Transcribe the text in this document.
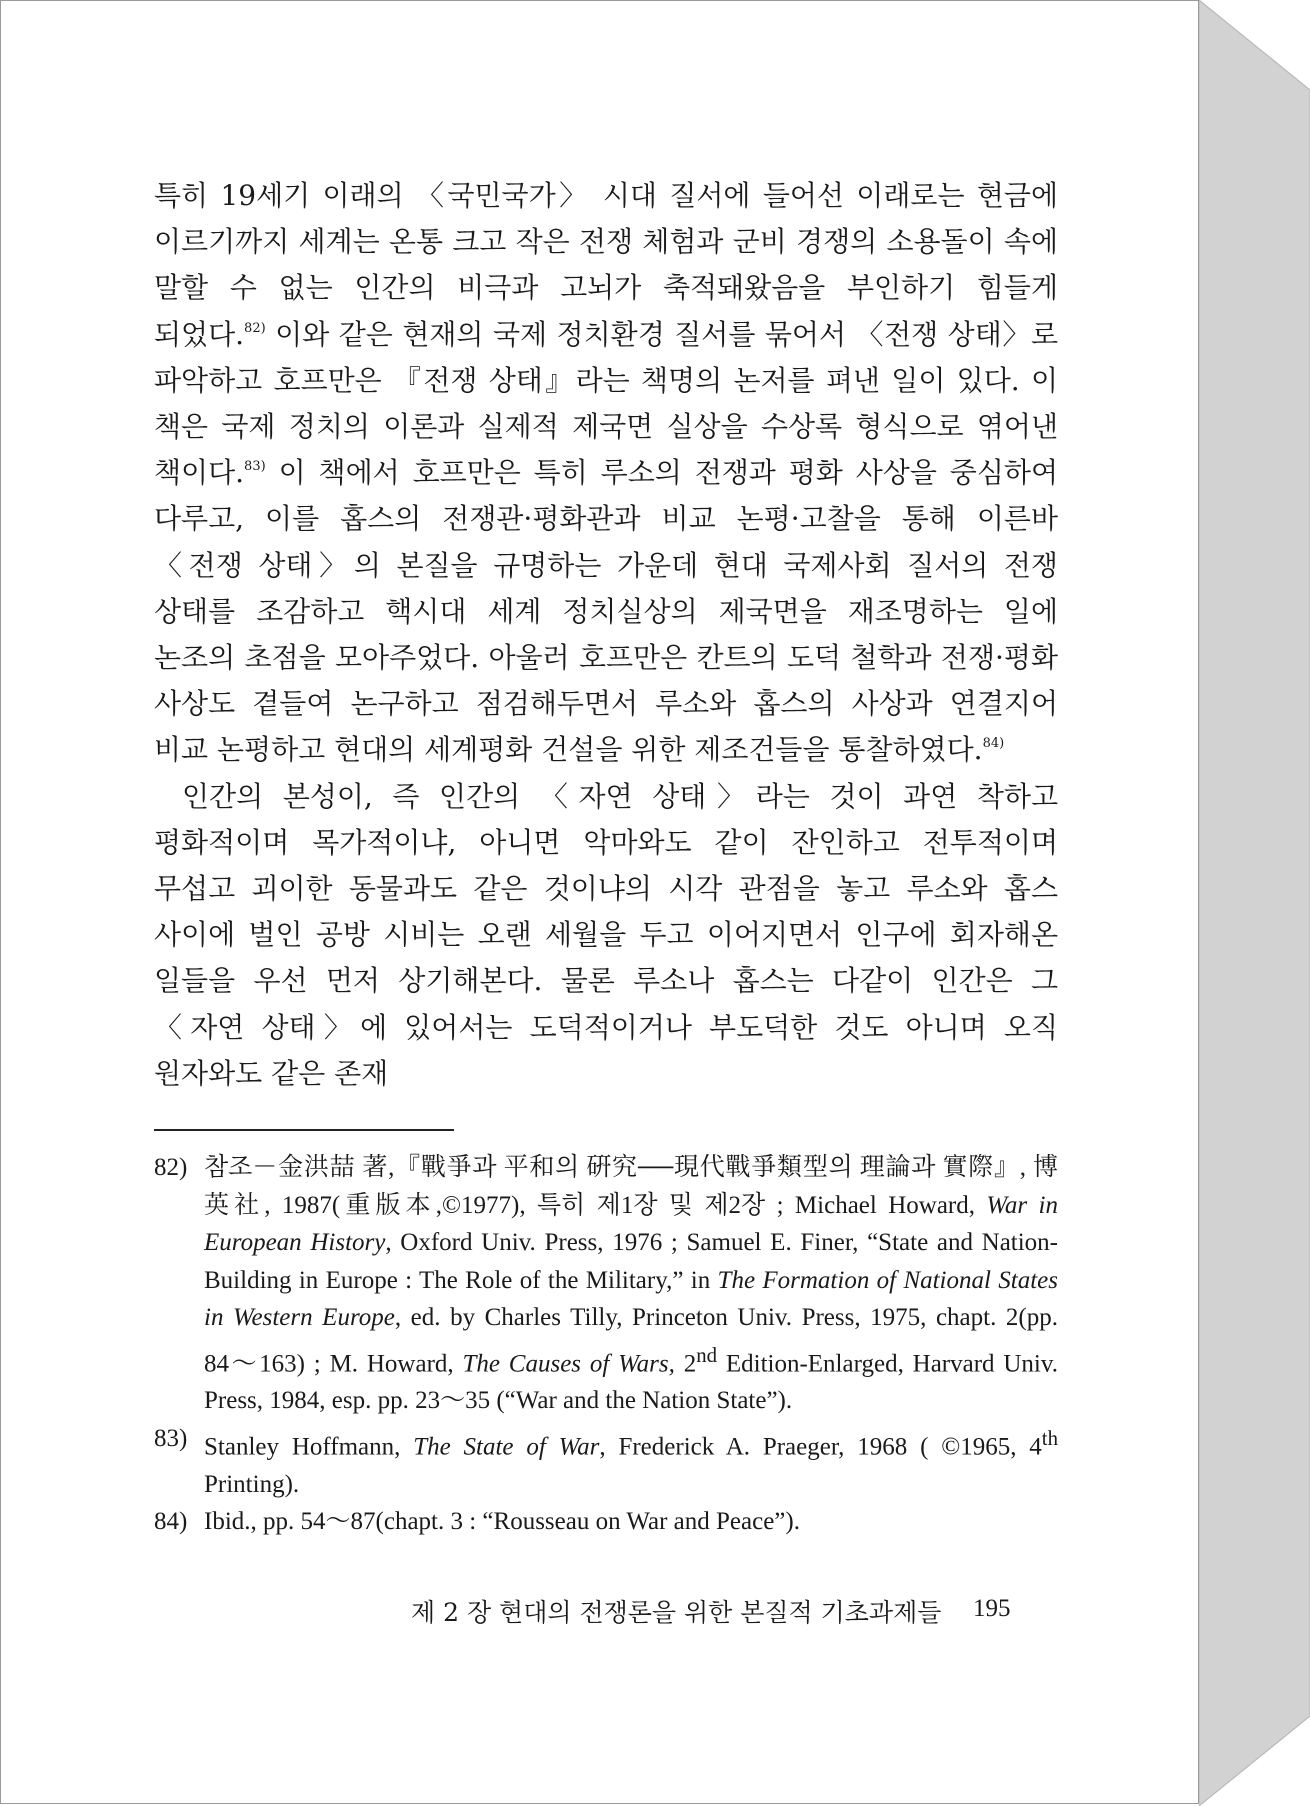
특히 19세기 이래의 〈국민국가〉 시대 질서에 들어선 이래로는 현금에 이르기까지 세계는 온통 크고 작은 전쟁 체험과 군비 경쟁의 소용돌이 속에 말할 수 없는 인간의 비극과 고뇌가 축적돼왔음을 부인하기 힘들게 되었다.$^{82)}$ 이와 같은 현재의 국제 정치환경 질서를 묶어서 〈전쟁 상태〉로 파악하고 호프만은 『전쟁 상태』라는 책명의 논저를 펴낸 일이 있다. 이 책은 국제 정치의 이론과 실제적 제국면 실상을 수상록 형식으로 엮어낸 책이다.$^{83)}$ 이 책에서 호프만은 특히 루소의 전쟁과 평화 사상을 중심하여 다루고, 이를 홉스의 전쟁관·평화관과 비교 논평·고찰을 통해 이른바 〈전쟁 상태〉의 본질을 규명하는 가운데 현대 국제사회 질서의 전쟁 상태를 조감하고 핵시대 세계 정치실상의 제국면을 재조명하는 일에 논조의 초점을 모아주었다. 아울러 호프만은 칸트의 도덕 철학과 전쟁·평화 사상도 곁들여 논구하고 점검해두면서 루소와 홉스의 사상과 연결지어 비교 논평하고 현대의 세계평화 건설을 위한 제조건들을 통찰하였다.$^{84)}$

인간의 본성이, 즉 인간의 〈자연 상태〉라는 것이 과연 착하고 평화적이며 목가적이냐, 아니면 악마와도 같이 잔인하고 전투적이며 무섭고 괴이한 동물과도 같은 것이냐의 시각 관점을 놓고 루소와 홉스 사이에 벌인 공방 시비는 오랜 세월을 두고 이어지면서 인구에 회자해온 일들을 우선 먼저 상기해본다. 물론 루소나 홉스는 다같이 인간은 그 〈자연 상태〉에 있어서는 도덕적이거나 부도덕한 것도 아니며 오직 원자와도 같은 존재

82) 참조－金洪喆 著,『戰爭과 平和의 硏究──現代戰爭類型의 理論과 實際』, 博英社, 1987(重版本,©1977), 특히 제1장 및 제2장 ; Michael Howard, War in European History, Oxford Univ. Press, 1976 ; Samuel E. Finer, “State and Nation-Building in Europe : The Role of the Military,” in The Formation of National States in Western Europe, ed. by Charles Tilly, Princeton Univ. Press, 1975, chapt. 2(pp. 84〜163) ; M. Howard, The Causes of Wars, 2nd Edition-Enlarged, Harvard Univ. Press, 1984, esp. pp. 23〜35 (“War and the Nation State”).
83) Stanley Hoffmann, The State of War, Frederick A. Praeger, 1968 ( ©1965, 4th Printing).
84) Ibid., pp. 54〜87(chapt. 3 : “Rousseau on War and Peace”).
제 2 장 현대의 전쟁론을 위한 본질적 기초과제들	195
